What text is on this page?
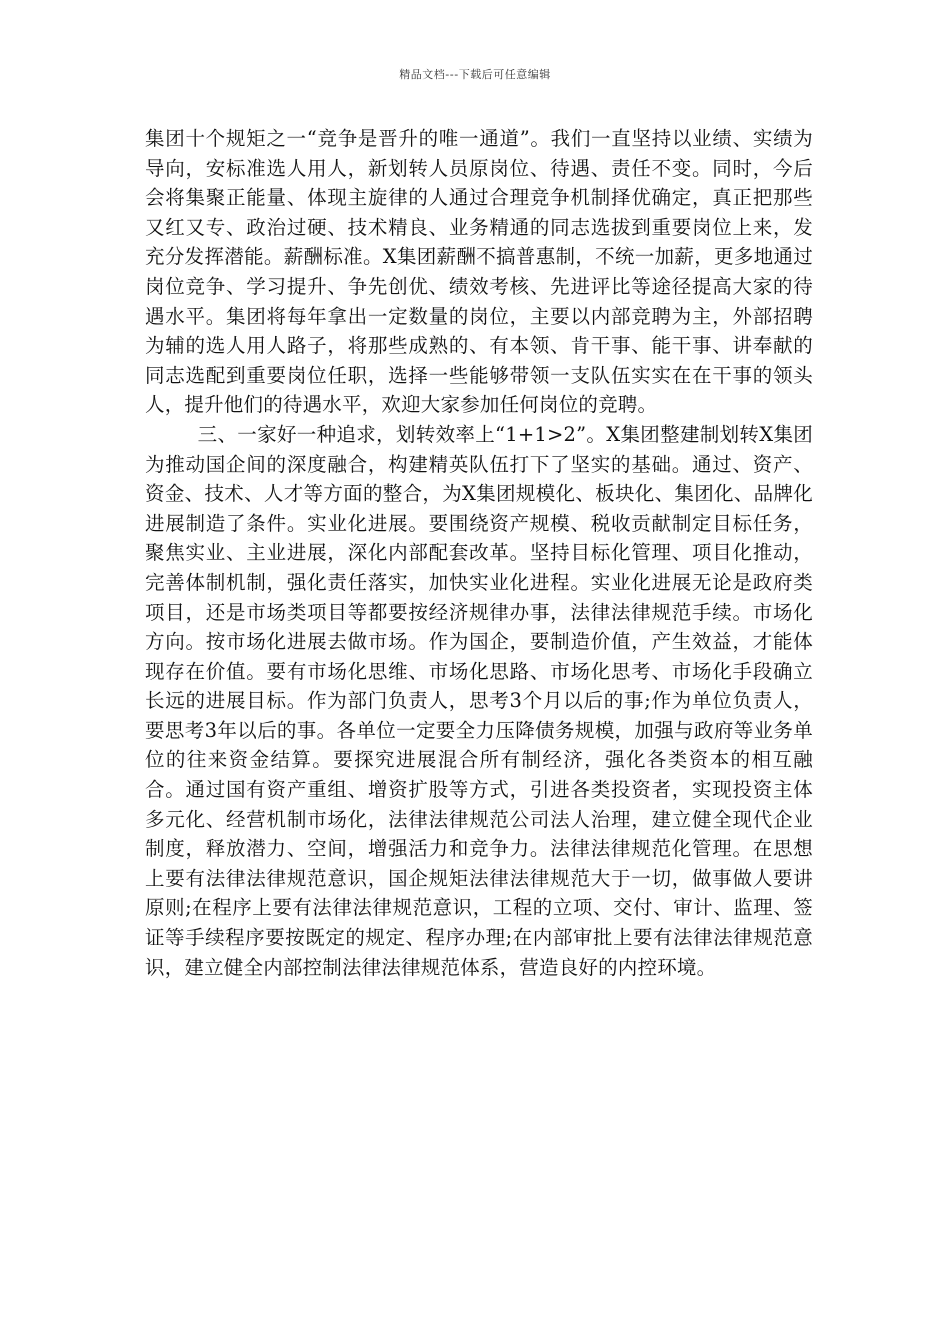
精品文档---下载后可任意编辑

集团十个规矩之一“竞争是晋升的唯一通道”。我们一直坚持以业绩、实绩为导向，安标准选人用人，新划转人员原岗位、待遇、责任不变。同时，今后会将集聚正能量、体现主旋律的人通过合理竞争机制择优确定，真正把那些又红又专、政治过硬、技术精良、业务精通的同志选拔到重要岗位上来，发充分发挥潜能。薪酬标准。X集团薪酬不搞普惠制，不统一加薪，更多地通过岗位竞争、学习提升、争先创优、绩效考核、先进评比等途径提高大家的待遇水平。集团将每年拿出一定数量的岗位，主要以内部竞聘为主，外部招聘为辅的选人用人路子，将那些成熟的、有本领、肯干事、能干事、讲奉献的同志选配到重要岗位任职，选择一些能够带领一支队伍实实在在干事的领头人，提升他们的待遇水平，欢迎大家参加任何岗位的竞聘。

三、一家好一种追求，划转效率上“1+1>2”。X集团整建制划转X集团为推动国企间的深度融合，构建精英队伍打下了坚实的基础。通过、资产、资金、技术、人才等方面的整合，为X集团规模化、板块化、集团化、品牌化进展制造了条件。实业化进展。要围绕资产规模、税收贡献制定目标任务，聚焦实业、主业进展，深化内部配套改革。坚持目标化管理、项目化推动，完善体制机制，强化责任落实，加快实业化进程。实业化进展无论是政府类项目，还是市场类项目等都要按经济规律办事，法律法律规范手续。市场化方向。按市场化进展去做市场。作为国企，要制造价值，产生效益，才能体现存在价值。要有市场化思维、市场化思路、市场化思考、市场化手段确立长远的进展目标。作为部门负责人，思考3个月以后的事;作为单位负责人，要思考3年以后的事。各单位一定要全力压降债务规模，加强与政府等业务单位的往来资金结算。要探究进展混合所有制经济，强化各类资本的相互融合。通过国有资产重组、增资扩股等方式，引进各类投资者，实现投资主体多元化、经营机制市场化，法律法律规范公司法人治理，建立健全现代企业制度，释放潜力、空间，增强活力和竞争力。法律法律规范化管理。在思想上要有法律法律规范意识，国企规矩法律法律规范大于一切，做事做人要讲原则;在程序上要有法律法律规范意识，工程的立项、交付、审计、监理、签证等手续程序要按既定的规定、程序办理;在内部审批上要有法律法律规范意识，建立健全内部控制法律法律规范体系，营造良好的内控环境。
